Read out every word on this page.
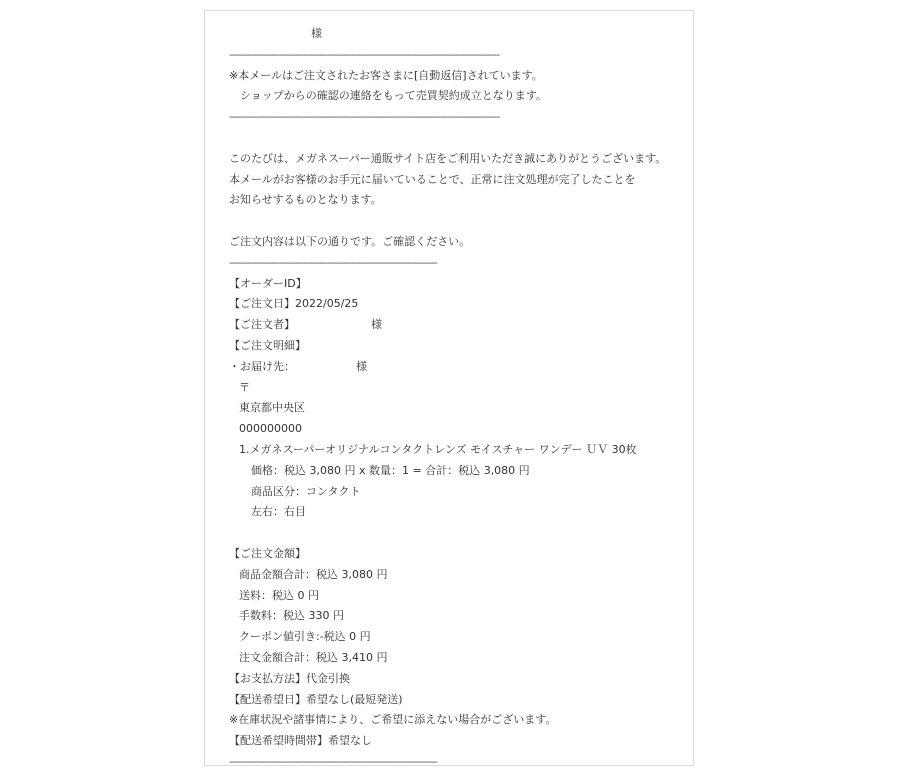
様
-------------------------------------------------------------------------------------------
※本メールはご注文されたお客さまに[自動返信]されています。
　ショップからの確認の連絡をもって売買契約成立となります。
-------------------------------------------------------------------------------------------
このたびは、メガネスーパー通販サイト店をご利用いただき誠にありがとうございます。
本メールがお客様のお手元に届いていることで、正常に注文処理が完了したことを
お知らせするものとなります。
ご注文内容は以下の通りです。ご確認ください。
----------------------------------------------------------------------
【オーダーID】
【ご注文日】2022/05/25
【ご注文者】	様
【ご注文明細】
・お届け先：	様
〒
東京都中央区
000000000
1.メガネスーパーオリジナルコンタクトレンズ モイスチャー ワンデー ＵＶ 30枚
価格：税込 3,080 円 x 数量：1 = 合計：税込 3,080 円
商品区分：コンタクト
左右：右目
【ご注文金額】
商品金額合計：税込 3,080 円
送料：税込 0 円
手数料：税込 330 円
クーポン値引き:-税込 0 円
注文金額合計：税込 3,410 円
【お支払方法】代金引換
【配送希望日】希望なし(最短発送)
※在庫状況や諸事情により、ご希望に添えない場合がございます。
【配送希望時間帯】希望なし
----------------------------------------------------------------------
